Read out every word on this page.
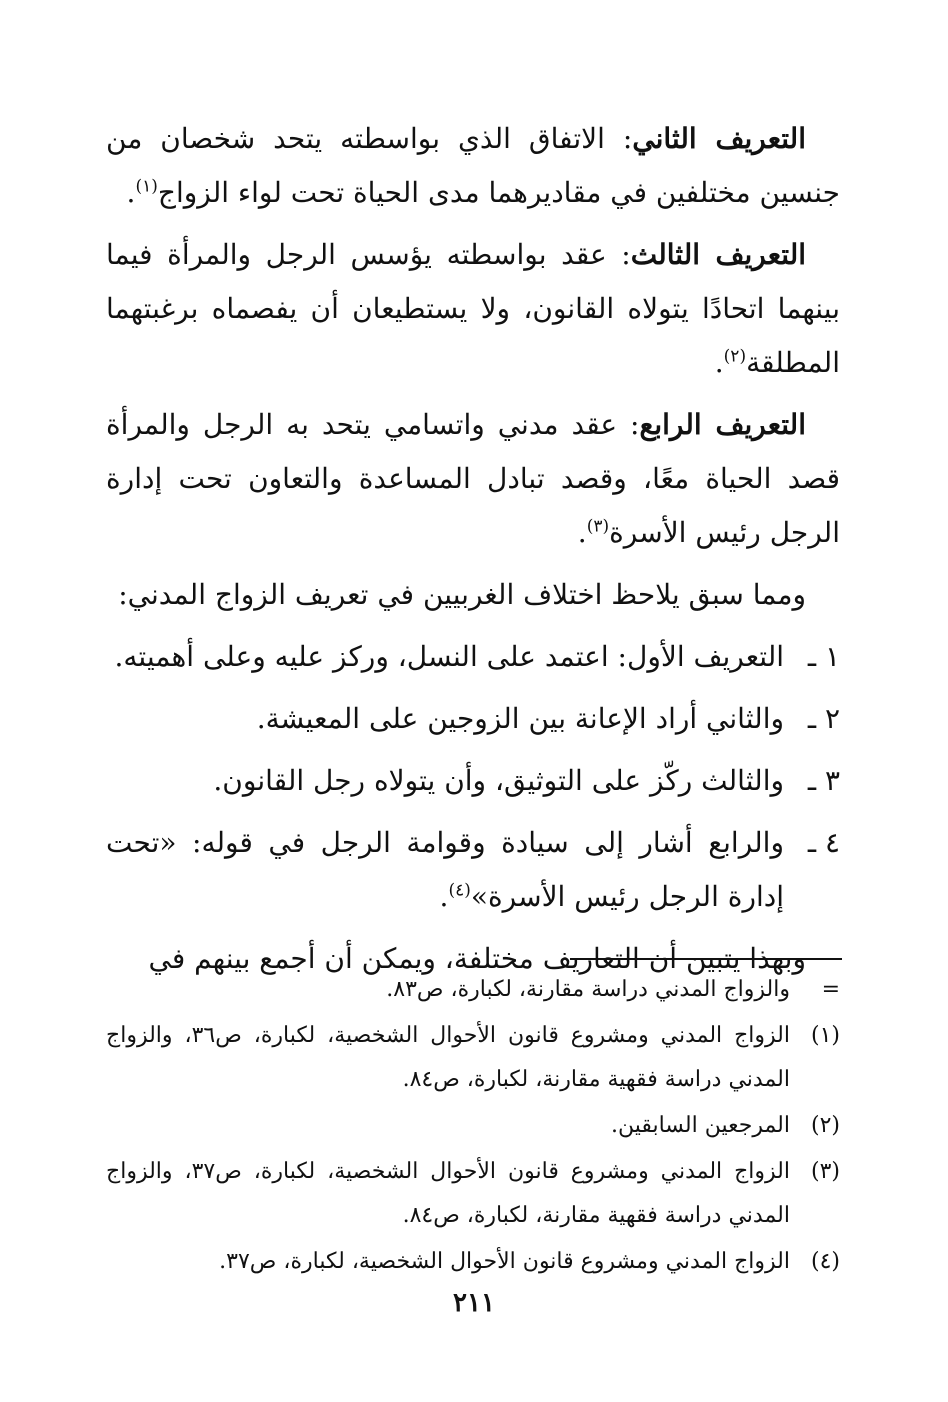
التعريف الثاني: الاتفاق الذي بواسطته يتحد شخصان من جنسين مختلفين في مقاديرهما مدى الحياة تحت لواء الزواج$^{(١)}$.

التعريف الثالث: عقد بواسطته يؤسس الرجل والمرأة فيما بينهما اتحادًا يتولاه القانون، ولا يستطيعان أن يفصماه برغبتهما المطلقة$^{(٢)}$.

التعريف الرابع: عقد مدني واتسامي يتحد به الرجل والمرأة قصد الحياة معًا، وقصد تبادل المساعدة والتعاون تحت إدارة الرجل رئيس الأسرة$^{(٣)}$.

ومما سبق يلاحظ اختلاف الغربيين في تعريف الزواج المدني:

١ ـ
التعريف الأول: اعتمد على النسل، وركز عليه وعلى أهميته.
٢ ـ
والثاني أراد الإعانة بين الزوجين على المعيشة.
٣ ـ
والثالث ركّز على التوثيق، وأن يتولاه رجل القانون.
٤ ـ
والرابع أشار إلى سيادة وقوامة الرجل في قوله: «تحت إدارة الرجل رئيس الأسرة»$^{(٤)}$.

وبهذا يتبين أن التعاريف مختلفة، ويمكن أن أجمع بينهم في

=
والزواج المدني دراسة مقارنة، لكبارة، ص٨٣.
(١)
الزواج المدني ومشروع قانون الأحوال الشخصية، لكبارة، ص٣٦، والزواج المدني دراسة فقهية مقارنة، لكبارة، ص٨٤.
(٢)
المرجعين السابقين.
(٣)
الزواج المدني ومشروع قانون الأحوال الشخصية، لكبارة، ص٣٧، والزواج المدني دراسة فقهية مقارنة، لكبارة، ص٨٤.
(٤)
الزواج المدني ومشروع قانون الأحوال الشخصية، لكبارة، ص٣٧.
٢١١
